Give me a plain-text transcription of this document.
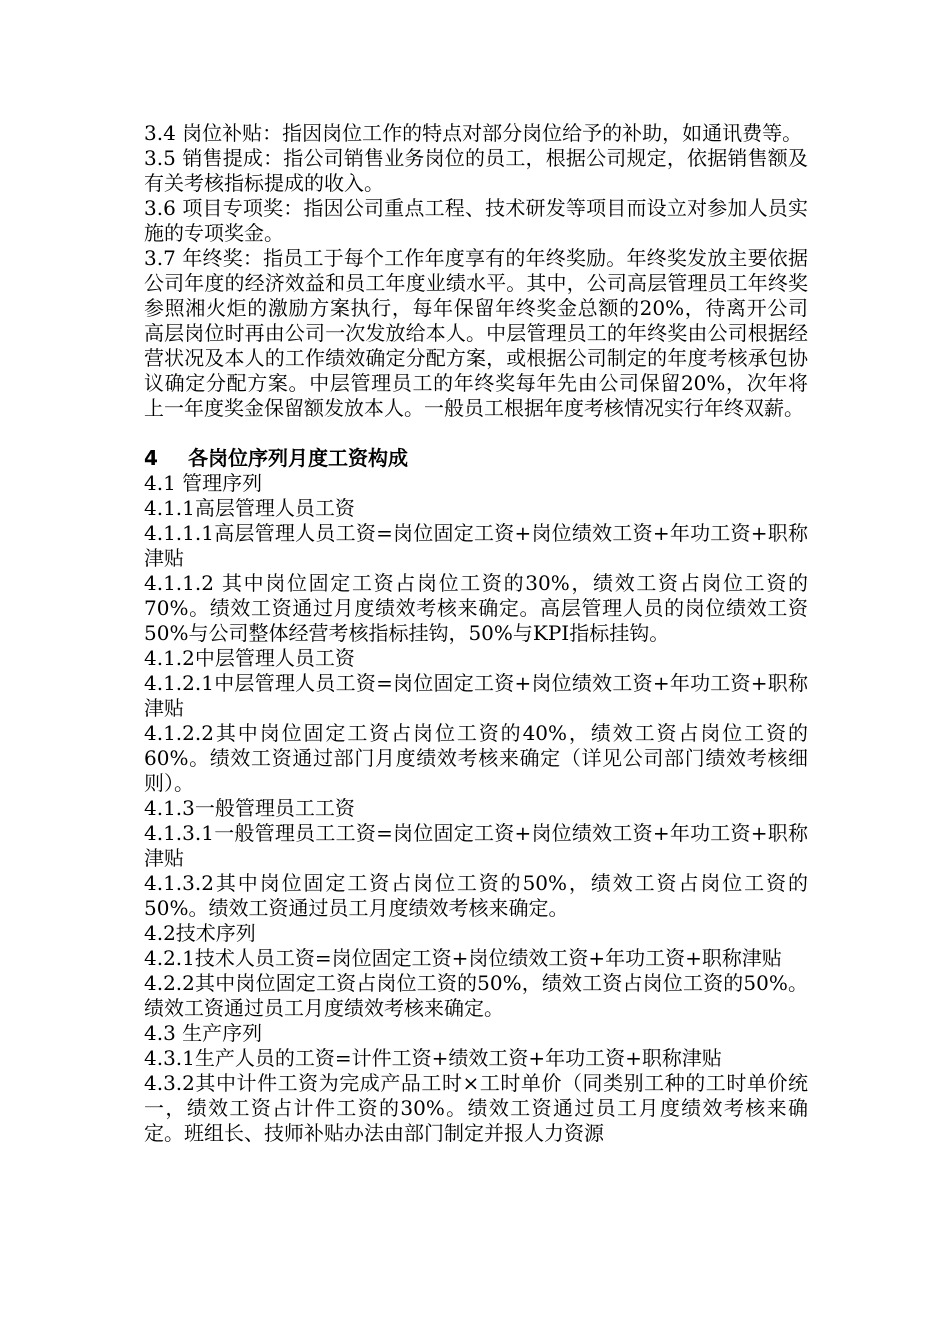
3.4 岗位补贴：指因岗位工作的特点对部分岗位给予的补助，如通讯费等。

3.5 销售提成：指公司销售业务岗位的员工，根据公司规定，依据销售额及有关考核指标提成的收入。

3.6 项目专项奖：指因公司重点工程、技术研发等项目而设立对参加人员实施的专项奖金。

3.7 年终奖：指员工于每个工作年度享有的年终奖励。年终奖发放主要依据公司年度的经济效益和员工年度业绩水平。其中，公司高层管理员工年终奖参照湘火炬的激励方案执行，每年保留年终奖金总额的20%，待离开公司高层岗位时再由公司一次发放给本人。中层管理员工的年终奖由公司根据经营状况及本人的工作绩效确定分配方案，或根据公司制定的年度考核承包协议确定分配方案。中层管理员工的年终奖每年先由公司保留20%，次年将上一年度奖金保留额发放本人。一般员工根据年度考核情况实行年终双薪。

4 各岗位序列月度工资构成

4.1 管理序列

4.1.1高层管理人员工资

4.1.1.1高层管理人员工资=岗位固定工资+岗位绩效工资+年功工资+职称津贴

4.1.1.2 其中岗位固定工资占岗位工资的30%，绩效工资占岗位工资的70%。绩效工资通过月度绩效考核来确定。高层管理人员的岗位绩效工资50%与公司整体经营考核指标挂钩，50%与KPI指标挂钩。

4.1.2中层管理人员工资

4.1.2.1中层管理人员工资=岗位固定工资+岗位绩效工资+年功工资+职称津贴

4.1.2.2其中岗位固定工资占岗位工资的40%，绩效工资占岗位工资的60%。绩效工资通过部门月度绩效考核来确定（详见公司部门绩效考核细则）。

4.1.3一般管理员工工资

4.1.3.1一般管理员工工资=岗位固定工资+岗位绩效工资+年功工资+职称津贴

4.1.3.2其中岗位固定工资占岗位工资的50%，绩效工资占岗位工资的50%。绩效工资通过员工月度绩效考核来确定。

4.2技术序列

4.2.1技术人员工资=岗位固定工资+岗位绩效工资+年功工资+职称津贴

4.2.2其中岗位固定工资占岗位工资的50%，绩效工资占岗位工资的50%。绩效工资通过员工月度绩效考核来确定。

4.3 生产序列

4.3.1生产人员的工资=计件工资+绩效工资+年功工资+职称津贴

4.3.2其中计件工资为完成产品工时×工时单价（同类别工种的工时单价统一，绩效工资占计件工资的30%。绩效工资通过员工月度绩效考核来确定。班组长、技师补贴办法由部门制定并报人力资源
